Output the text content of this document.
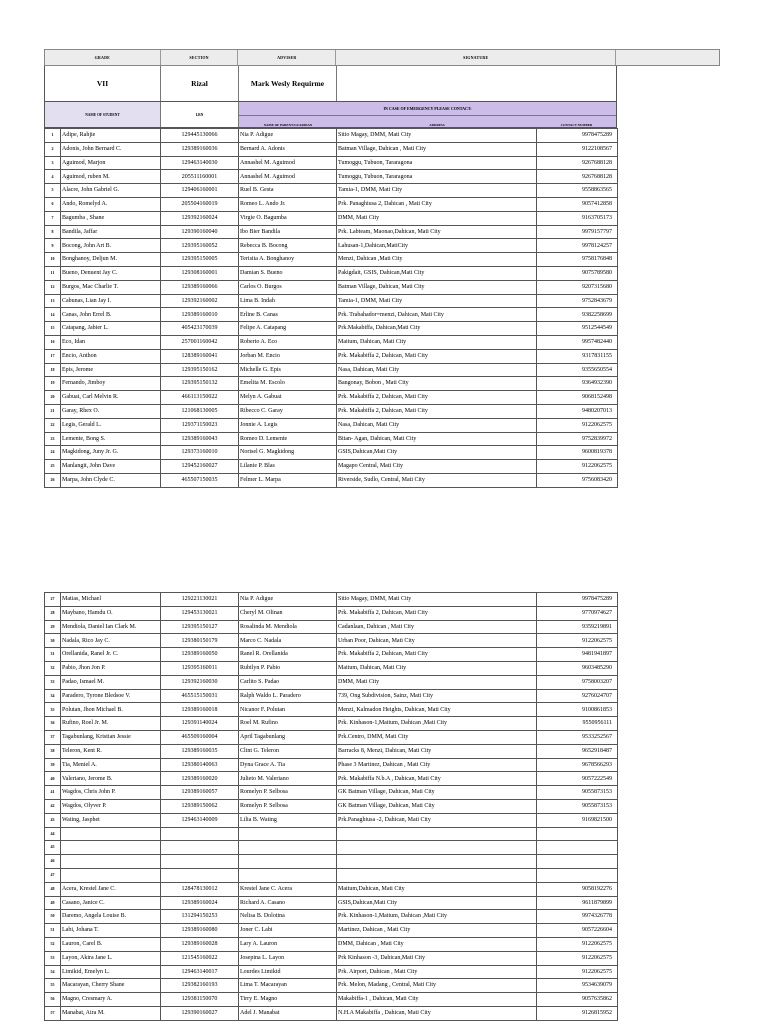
GRADE	SECTION	ADVISER	SIGNATURE
VII	Rizal	Mark Wesly Requirme
NAME OF STUDENT	LRN
IN CASE OF EMERGENCY PLEASE CONTACT:
NAME OF PARENT/GUARDIAN	ADDRESS	CONTACT NUMBER
1	Adipe, Rahjie	129445130066	Nia P. Adigue	Sitio Magay, DMM, Mati City	9978475289
2	Adonis, John Bernard C.	129389160036	Bernard A. Adonis	Batman Village, Dahican , Mati City	9122108567
3	Aguimod, Marjon	129463140030	Annashel M. Aguimod	Tumoggu, Tubuon, Tararagona	9267688128
4	Aguimod, ruben M.	205511160001	Annashel M. Aguimod	Tumoggu, Tubuon, Tararagona	9267688128
5	Alacre, John Gabriel G.	129406160001	Ruel B. Gesta	Tamia-1, DMM, Mati City	9558863565
6	Ando, Romelyd A.	205504160019	Romeo L. Ando Jr.	Prk. Panaghiusa 2, Dahican , Mati City	9057412858
7	Bagumba , Shane	129392160024	Virgie O. Bagumba	DMM, Mati City	9163705173
8	Bandila, Jaffar	129390160040	Ibo Bier Bandila	Prk. Labteam, Maonao,Dahican, Mati City	9979157797
9	Bocong, John Art B.	129395160052	Rebecca B. Bocong	Lahusan-1,Dahican,MatiCity	9978124257
10	Bonghanoy, Deljun M.	129395150005	Terisita A. Bonghanoy	Menzi, Dahican ,Mati City	9758176848
11	Bueno, Denuent Jay C.	129308160001	Damian S. Bueno	Pakigdait, GSIS, Dahican,Mati City	9075789580
12	Burgos, Mac Charlie T.	129389160066	Carlos O. Burgos	Batman Village, Dahican, Mati City	9207315680
13	Cabunas, Lian Jay I.	129392160002	Lima B. Indah	Tamia-1, DMM, Mati City	9752843679
14	Canas, John Errel B.	129389160010	Erline B. Canas	Prk. Trabahador=menzi, Dahican, Mati City	9382258699
15	Catapang, Jabier L.	405423170039	Felipe A. Catapang	Prk.Makabiffa, Dahican,Mati City	9512544549
16	Eco, Idan	257001160042	Roberto A. Eco	Maitum, Dahican, Mati City	9957482440
17	Encio, Anthon	128389160041	Jorban M. Encio	Prk. Makabiffa 2, Dahican, Mati City	9317831155
18	Epis, Jerome	129395150162	Michelle G. Epis	Nasa, Dahican, Mati City	9355650554
19	Fernando, Jimboy	129395150132	Emelita M. Escolo	Bangonay, Bobon , Mati City	9364932390
20	Gabuat, Carl Melvin R.	466113150022	Melyn A. Gabuat	Prk. Makabiffa 2, Dahican, Mati City	9068152498
21	Garay, Rhex O.	121068130005	Ribecco C. Garay	Prk. Makabiffa 2, Dahican, Mati City	9480207013
22	Legis, Gerald L.	129371150023	Jonnie A. Legis	Nasa, Dahican, Mati City	9122062575
23	Lemente, Bong S.	129389160043	Romeo D. Lemente	Bitan- Agan, Dahican, Mati City	9752839972
24	Magkidong, Juny Jr. G.	129373160010	Norisel G. Magkidong	GSIS,Dahican,Mati City	9600819378
25	Manlangit, John Dave	129452160027	Lilanie P. Blas	Magapo Central, Mati City	9122062575
26	Marpa, John Clyde C.	465507150035	Felmer L. Marpa	Riverside, Sudlo, Central, Mati City	9756083420
27	Matias, Michael	129221130021	Nia P. Adigue	Sitio Magay, DMM, Mati City	9978475289
28	Maybano, Hamdu O.	129453130021	Cheryl M. Olinan	Prk. Makabiffa 2, Dahican, Mati City	9770974627
29	Mendiola, Daniel Ian Clark M.	129395150127	Rosalinda M. Mendiola	Cadanlaan, Dahican , Mati City	9359219891
30	Nadala, Rico Jay C.	129380150179	Marco C. Nadala	Urban Poor, Dahican, Mati City	9122062575
31	Orellanida, Ranel Jr. C.	129389160050	Ranel R. Orellanida	Prk. Makabiffa 2, Dahican, Mati City	9481941897
32	Pabio, Jhon Jon P.	129395160011	Rubilyn P. Pabio	Maitum, Dahican, Mati City	9603485290
33	Padao, Ismael M.	129392160030	Carlito S. Padao	DMM, Mati City	9758003207
34	Paradero, Tyrone Bledsoe V.	465515150031	Ralph Waldo L. Paradero	739, Ong Subdivision, Sainz, Mati City	9276024707
35	Polutan, Jhon Michael B.	129389160018	Nicanor F. Polutan	Menzi, Kalmadon Heights, Dahican, Mati City	9100861853
36	Rufino, Roel Jr. M.	129391140024	Roel M. Rufino	Prk. Kinhason-1,Maitum, Dahican ,Mati City	9550956111
37	Tagabunlang, Kristian Jessie	465509160004	April Tagabunlang	Prk.Centro, DMM, Mati City	9533252567
38	Teleron, Kent R.	129389160035	Clint G. Teleron	Barracks 8, Menzi, Dahican, Mati City	9652918487
39	Tia, Meniel A.	129380140063	Dyna Grace A. Tia	Phase 3 Martinez, Dahican , Mati City	9678566293
40	Valeriano, Jerome B.	129389160020	Julieto M. Valeriano	Prk. Makabiffa N.b.A , Dahican, Mati City	9057222549
41	Wagdos, Chris John P.	129389160057	Romelyn P. Selbosa	GK Batman Village, Dahican, Mati City	9055873153
42	Wagdos, Olyver P.	129389150062	Romelyn P. Selbosa	GK Batman Village, Dahican, Mati City	9055873153
43	Wating, Jasphet	129463140009	Lilia B. Wating	Prk.Panaghiusa -2, Dahican, Mati City	9169821500
44					
45					
46					
47					
48	Acera, Krestel Jane C.	128478130012	Krestel Jane C. Acera	Maitum,Dahican, Mati City	9058192276
49	Casano, Janice C.	129389160024	Richard A. Casano	GSIS,Dahican,Mati City	9611879899
50	Daremo, Angela Louise B.	131294150253	Nelisa B. Dolotina	Prk. Kinhason-1,Maitum, Dahican ,Mati City	9974326778
51	Labi, Johana T.	129389160080	Joner C. Labi	Martinez, Dahican , Mati City	9057226604
52	Lauron, Carel B.	129389160028	Lary A. Lauron	DMM, Dahican , Mati City	9122062575
53	Layon, Akira Jane L.	121545160022	Josepina L. Layon	Prk Kinhason -3, Dahican,Mati City	9122062575
54	Limikid, Emelyn L.	129463140017	Lourdes Limikid	Prk. Airport, Dahican , Mati City	9122062575
55	Macarayan, Cherry Shane	129382160193	Lima T. Macarayan	Prk. Melon, Madang , Central, Mati City	9534639079
56	Magno, Cresmary A.	129381150070	Tirry E. Magno	Makabiffa-1 , Dahican, Mati City	9057635862
57	Manabat, Aira M.	129390160027	Adel J. Manabat	N.H.A Makabiffa , Dahican, Mati City	9126815952
